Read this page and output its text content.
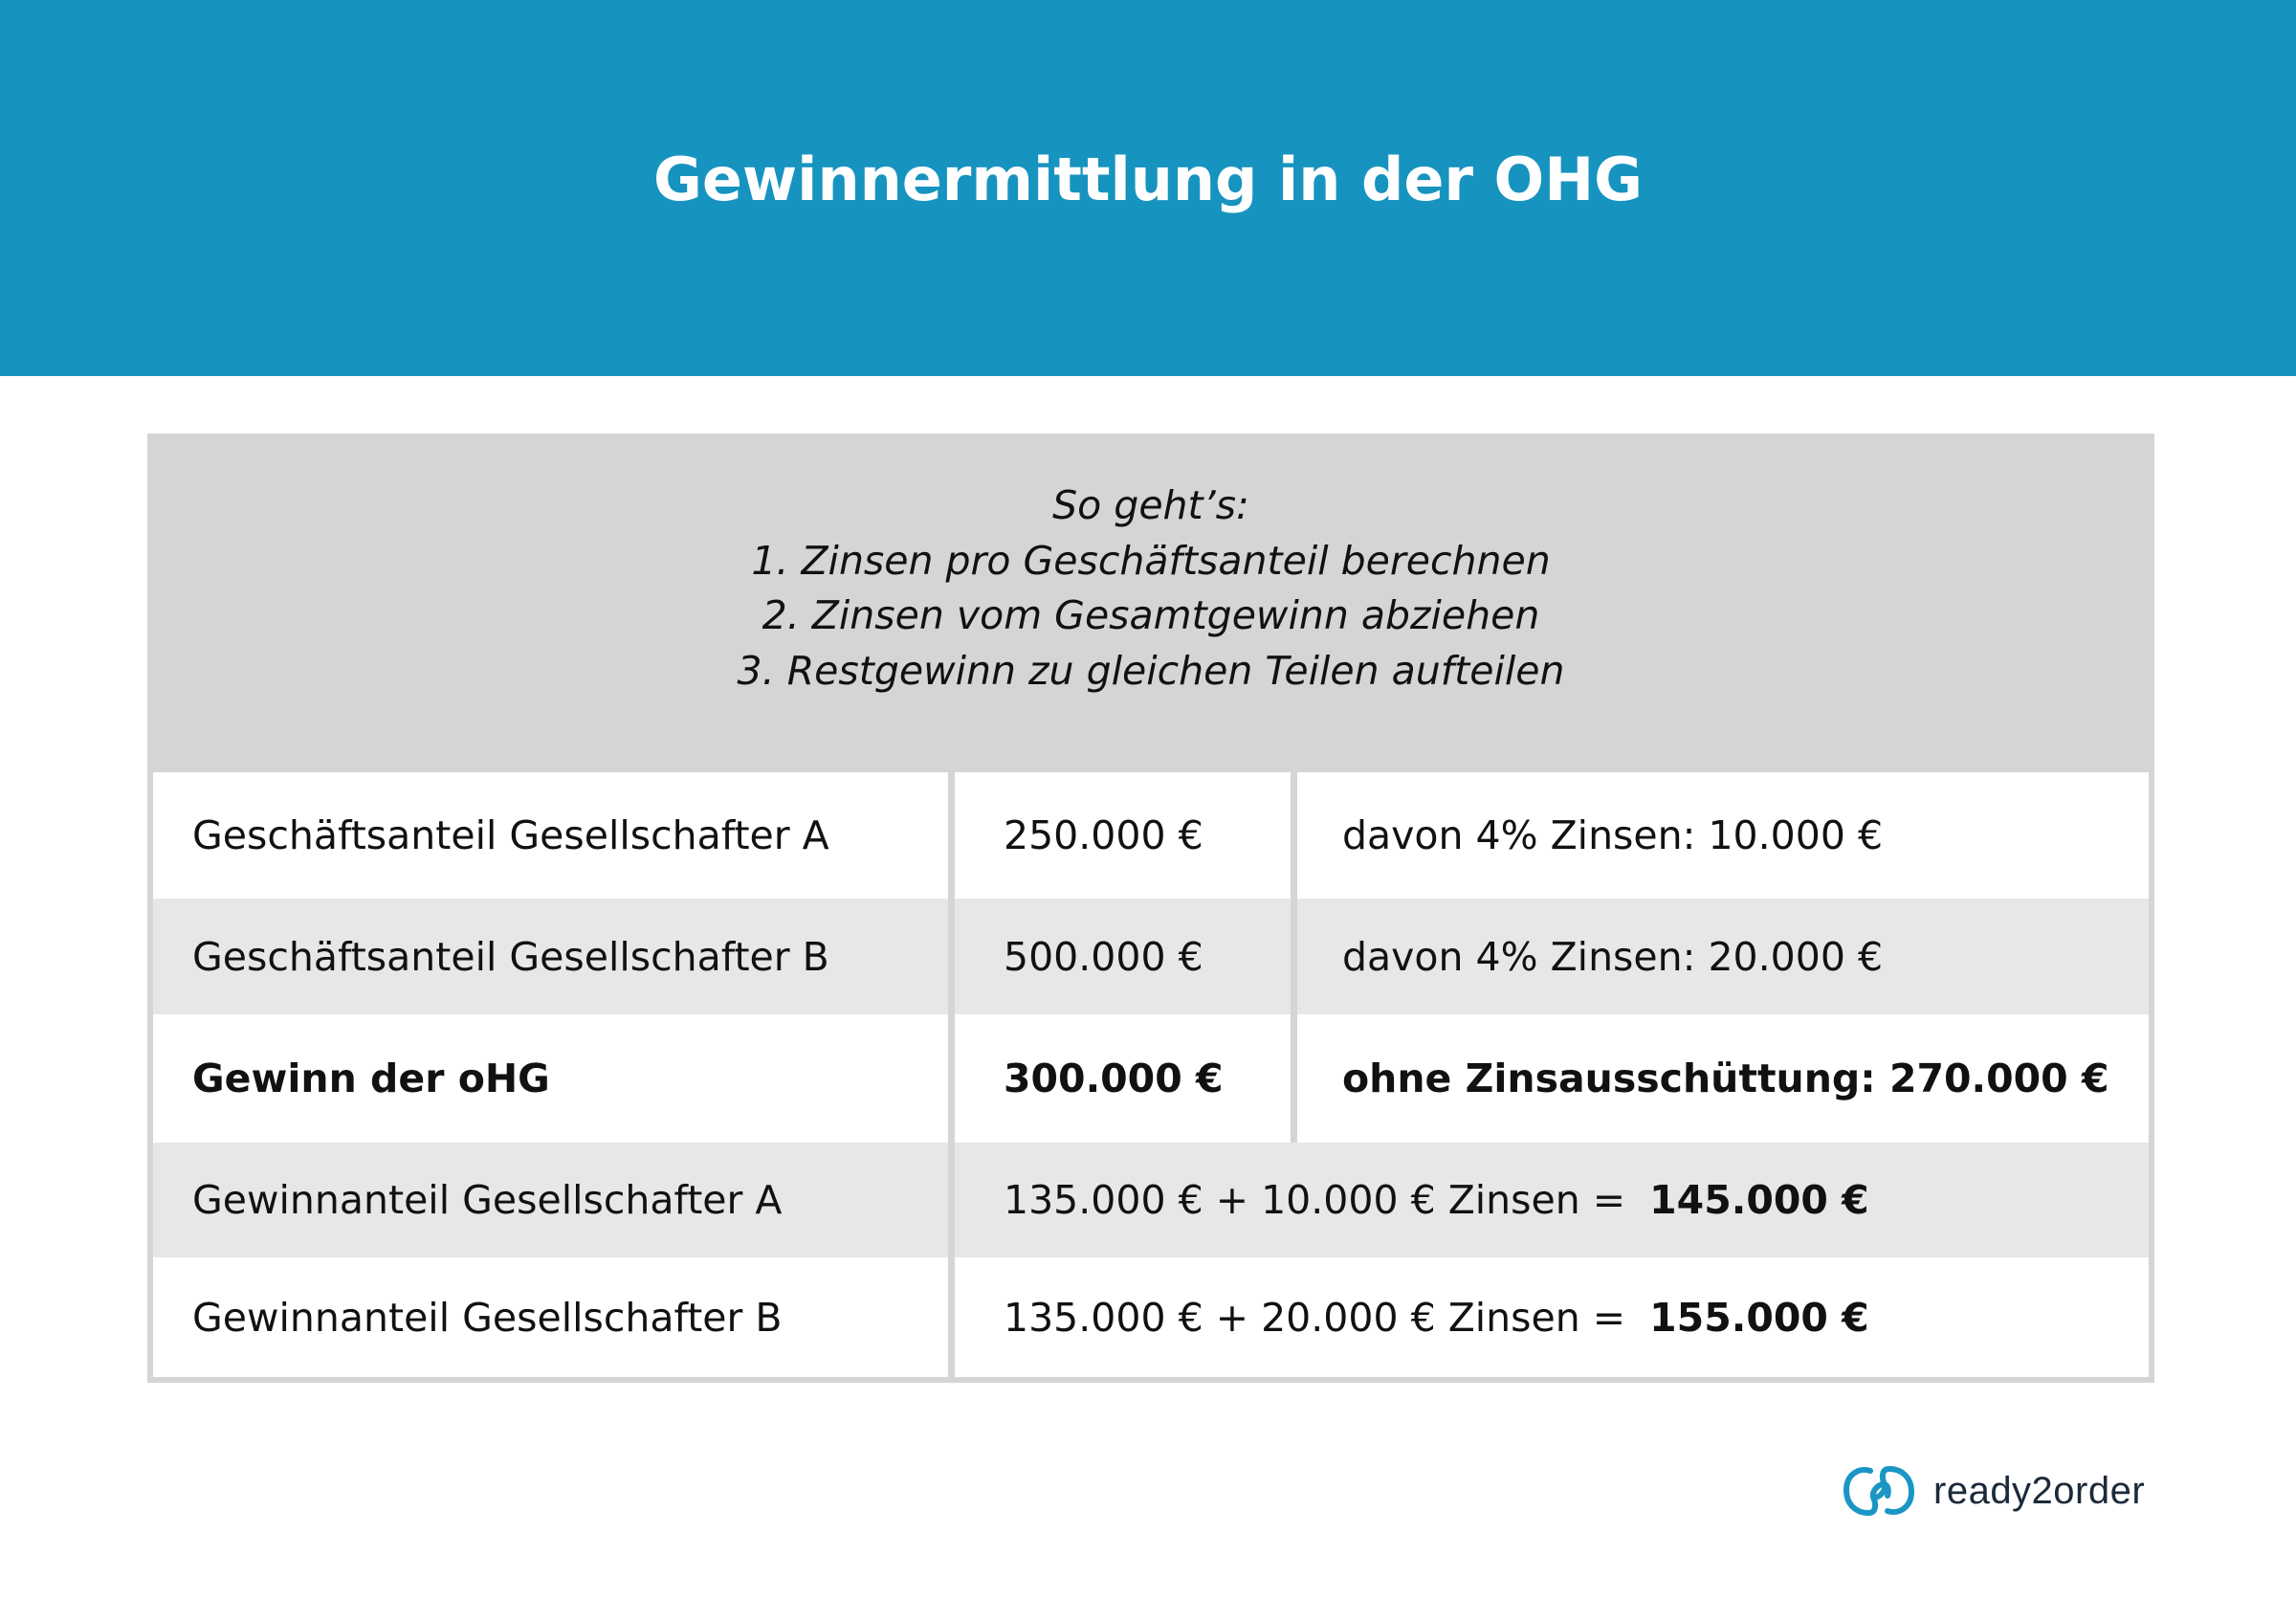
Gewinnermittlung in der OHG
So geht’s:
1. Zinsen pro Geschäftsanteil berechnen
2. Zinsen vom Gesamtgewinn abziehen
3. Restgewinn zu gleichen Teilen aufteilen
Geschäftsanteil Gesellschafter A	250.000 €	davon 4% Zinsen: 10.000 €
Geschäftsanteil Gesellschafter B	500.000 €	davon 4% Zinsen: 20.000 €
Gewinn der oHG	300.000 €	ohne Zinsausschüttung: 270.000 €
Gewinnanteil Gesellschafter A	135.000 € + 10.000 € Zinsen = 145.000 €
Gewinnanteil Gesellschafter B	135.000 € + 20.000 € Zinsen = 155.000 €
ready2order
